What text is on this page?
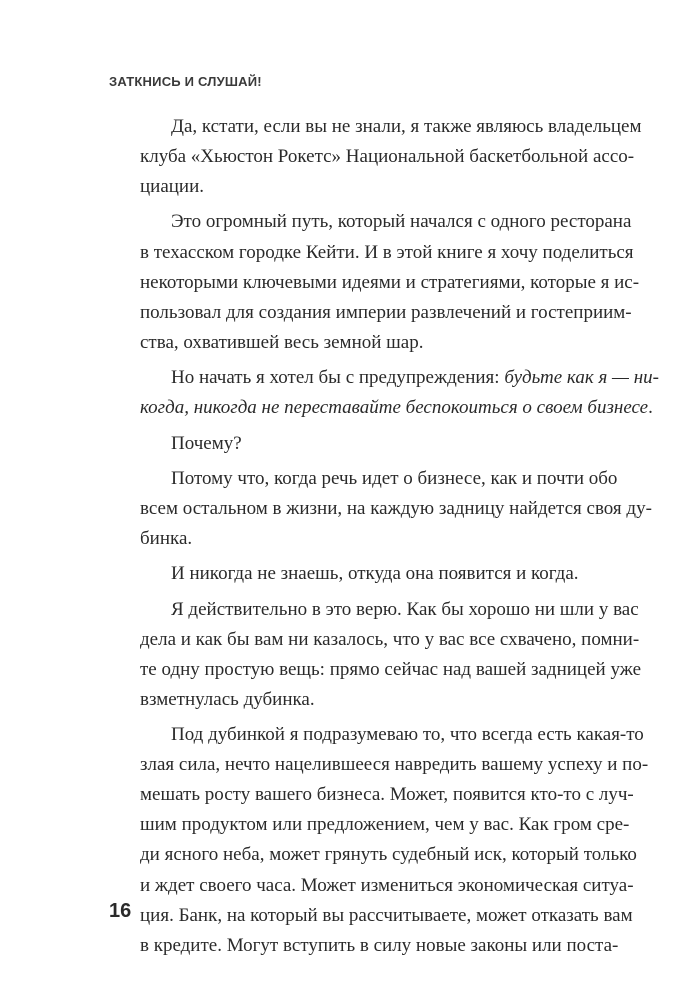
ЗАТКНИСЬ И СЛУШАЙ!

Да, кстати, если вы не знали, я также являюсь владельцем
клуба «Хьюстон Рокетс» Национальной баскетбольной ассо-
циации.

Это огромный путь, который начался с одного ресторана
в техасском городке Кейти. И в этой книге я хочу поделиться
некоторыми ключевыми идеями и стратегиями, которые я ис-
пользовал для создания империи развлечений и гостеприим-
ства, охватившей весь земной шар.

Но начать я хотел бы с предупреждения: будьте как я — ни-
когда, никогда не переставайте беспокоиться о своем бизнесе.

Почему?

Потому что, когда речь идет о бизнесе, как и почти обо
всем остальном в жизни, на каждую задницу найдется своя ду-
бинка.

И никогда не знаешь, откуда она появится и когда.

Я действительно в это верю. Как бы хорошо ни шли у вас
дела и как бы вам ни казалось, что у вас все схвачено, помни-
те одну простую вещь: прямо сейчас над вашей задницей уже
взметнулась дубинка.

Под дубинкой я подразумеваю то, что всегда есть какая-то
злая сила, нечто нацелившееся навредить вашему успеху и по-
мешать росту вашего бизнеса. Может, появится кто-то с луч-
шим продуктом или предложением, чем у вас. Как гром сре-
ди ясного неба, может грянуть судебный иск, который только
и ждет своего часа. Может измениться экономическая ситуа-
ция. Банк, на который вы рассчитываете, может отказать вам
в кредите. Могут вступить в силу новые законы или поста-

16
